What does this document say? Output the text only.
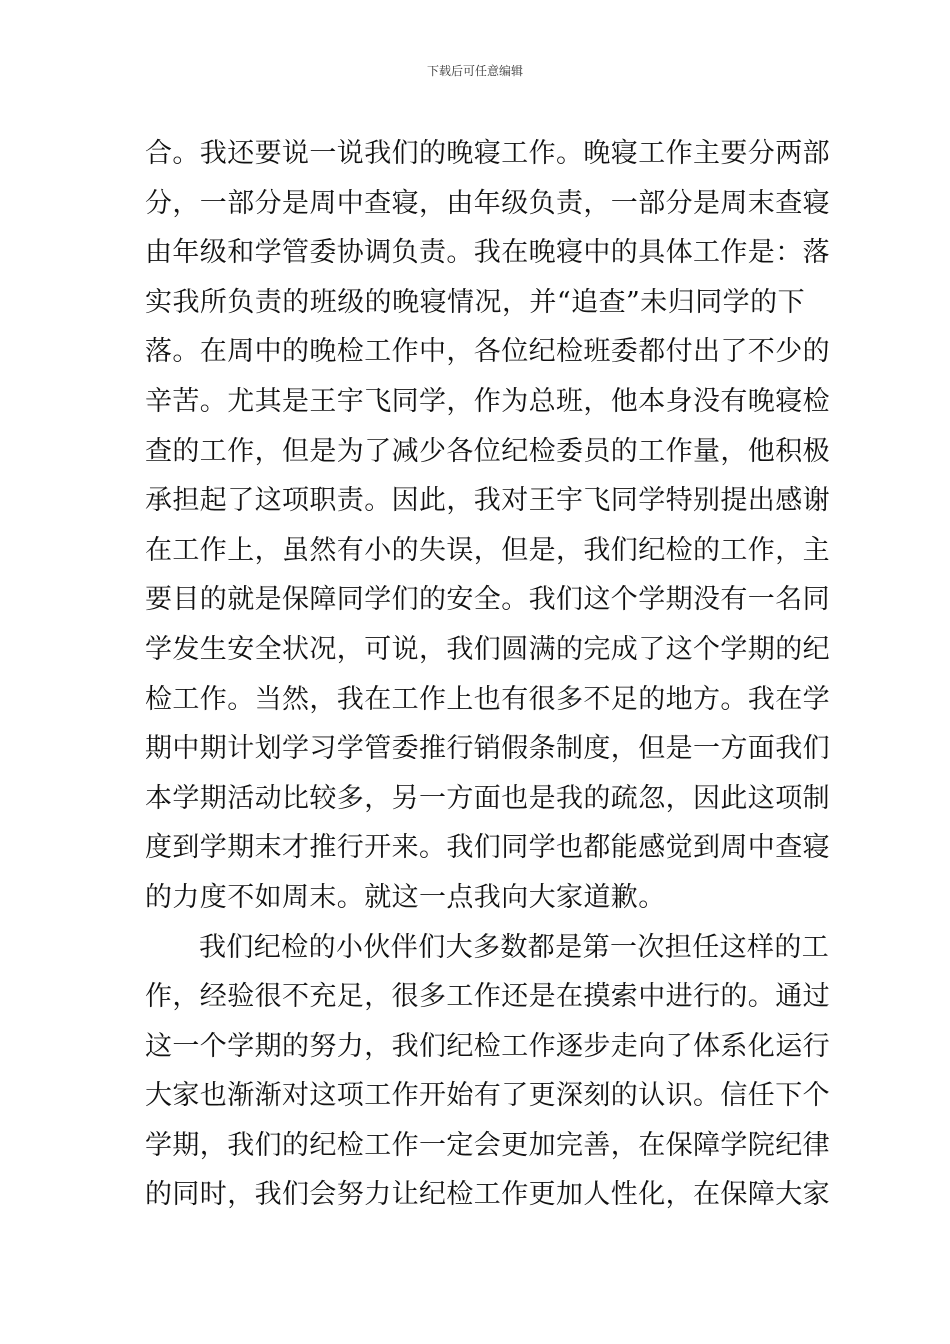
下载后可任意编辑
合。我还要说一说我们的晚寝工作。晚寝工作主要分两部
分，一部分是周中查寝，由年级负责，一部分是周末查寝
由年级和学管委协调负责。我在晚寝中的具体工作是：落
实我所负责的班级的晚寝情况，并“追查”未归同学的下
落。在周中的晚检工作中，各位纪检班委都付出了不少的
辛苦。尤其是王宇飞同学，作为总班，他本身没有晚寝检
查的工作，但是为了减少各位纪检委员的工作量，他积极
承担起了这项职责。因此，我对王宇飞同学特别提出感谢
在工作上，虽然有小的失误，但是，我们纪检的工作，主
要目的就是保障同学们的安全。我们这个学期没有一名同
学发生安全状况，可说，我们圆满的完成了这个学期的纪
检工作。当然，我在工作上也有很多不足的地方。我在学
期中期计划学习学管委推行销假条制度，但是一方面我们
本学期活动比较多，另一方面也是我的疏忽，因此这项制
度到学期末才推行开来。我们同学也都能感觉到周中查寝
的力度不如周末。就这一点我向大家道歉。
我们纪检的小伙伴们大多数都是第一次担任这样的工
作，经验很不充足，很多工作还是在摸索中进行的。通过
这一个学期的努力，我们纪检工作逐步走向了体系化运行
大家也渐渐对这项工作开始有了更深刻的认识。信任下个
学期，我们的纪检工作一定会更加完善，在保障学院纪律
的同时，我们会努力让纪检工作更加人性化，在保障大家
